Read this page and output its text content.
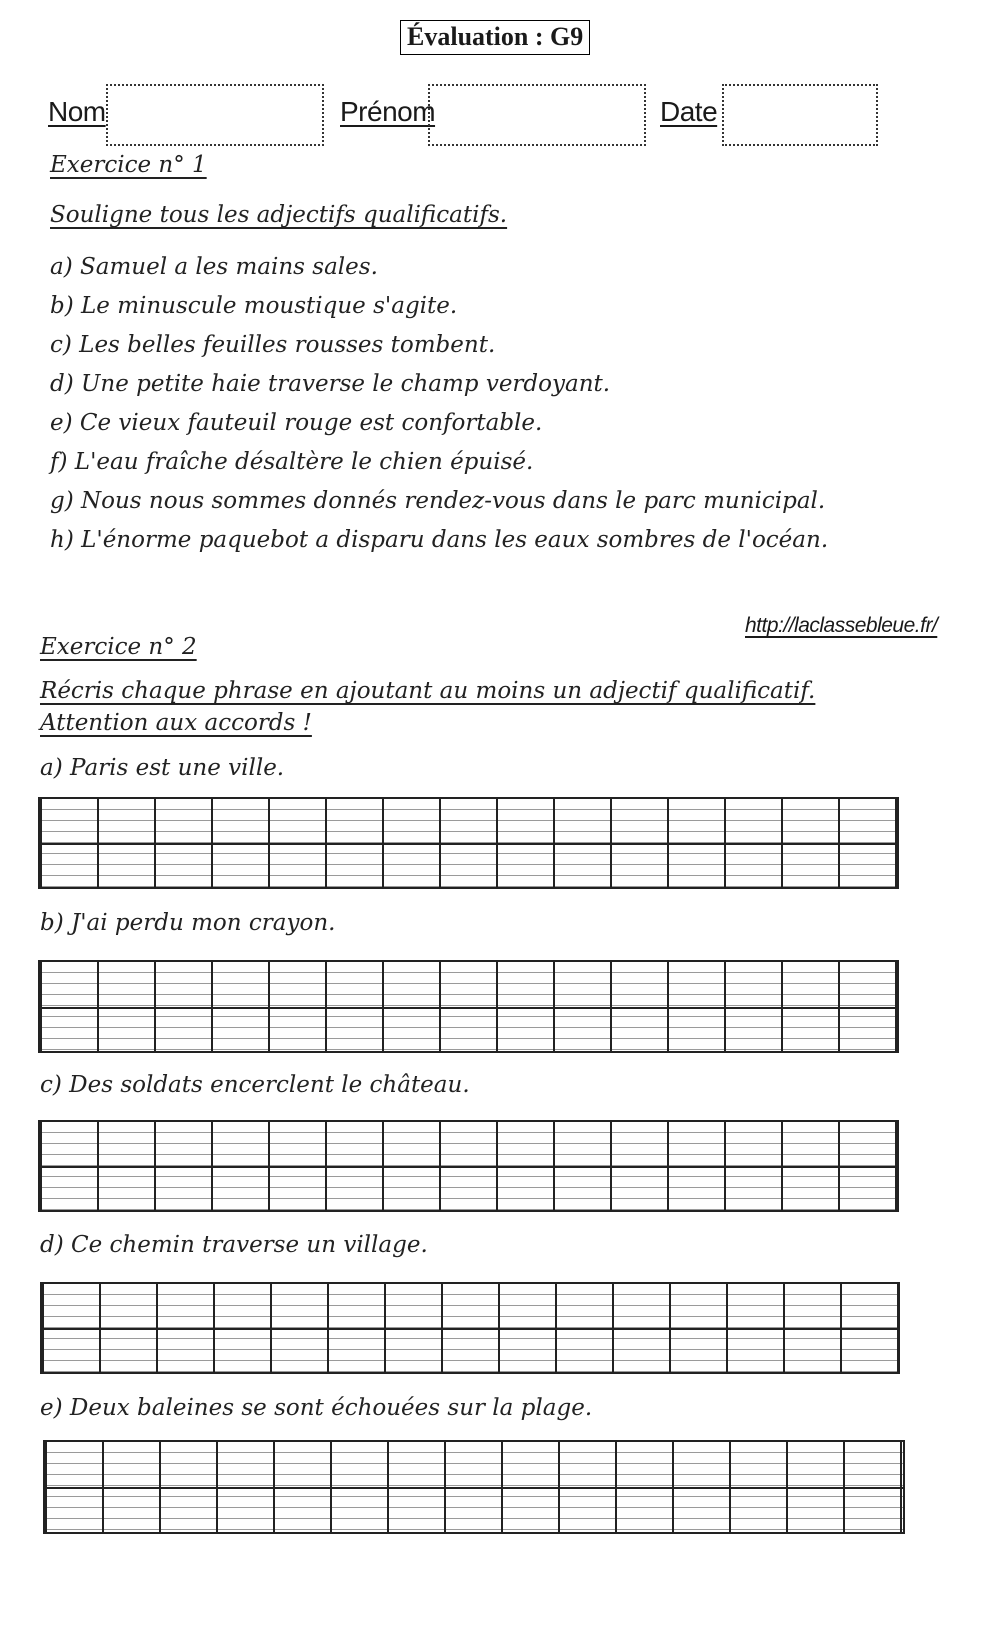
Évaluation : G9
Nom	Prénom	Date
Exercice n° 1
Souligne tous les adjectifs qualificatifs.
a) Samuel a les mains sales.
b) Le minuscule moustique s'agite.
c) Les belles feuilles rousses tombent.
d) Une petite haie traverse le champ verdoyant.
e) Ce vieux fauteuil rouge est confortable.
f) L'eau fraîche désaltère le chien épuisé.
g) Nous nous sommes donnés rendez-vous dans le parc municipal.
h) L'énorme paquebot a disparu dans les eaux sombres de l'océan.
http://laclassebleue.fr/
Exercice n° 2
Récris chaque phrase en ajoutant au moins un adjectif qualificatif.
Attention aux accords !
a) Paris est une ville.
b) J'ai perdu mon crayon.
c) Des soldats encerclent le château.
d) Ce chemin traverse un village.
e) Deux baleines se sont échouées sur la plage.
